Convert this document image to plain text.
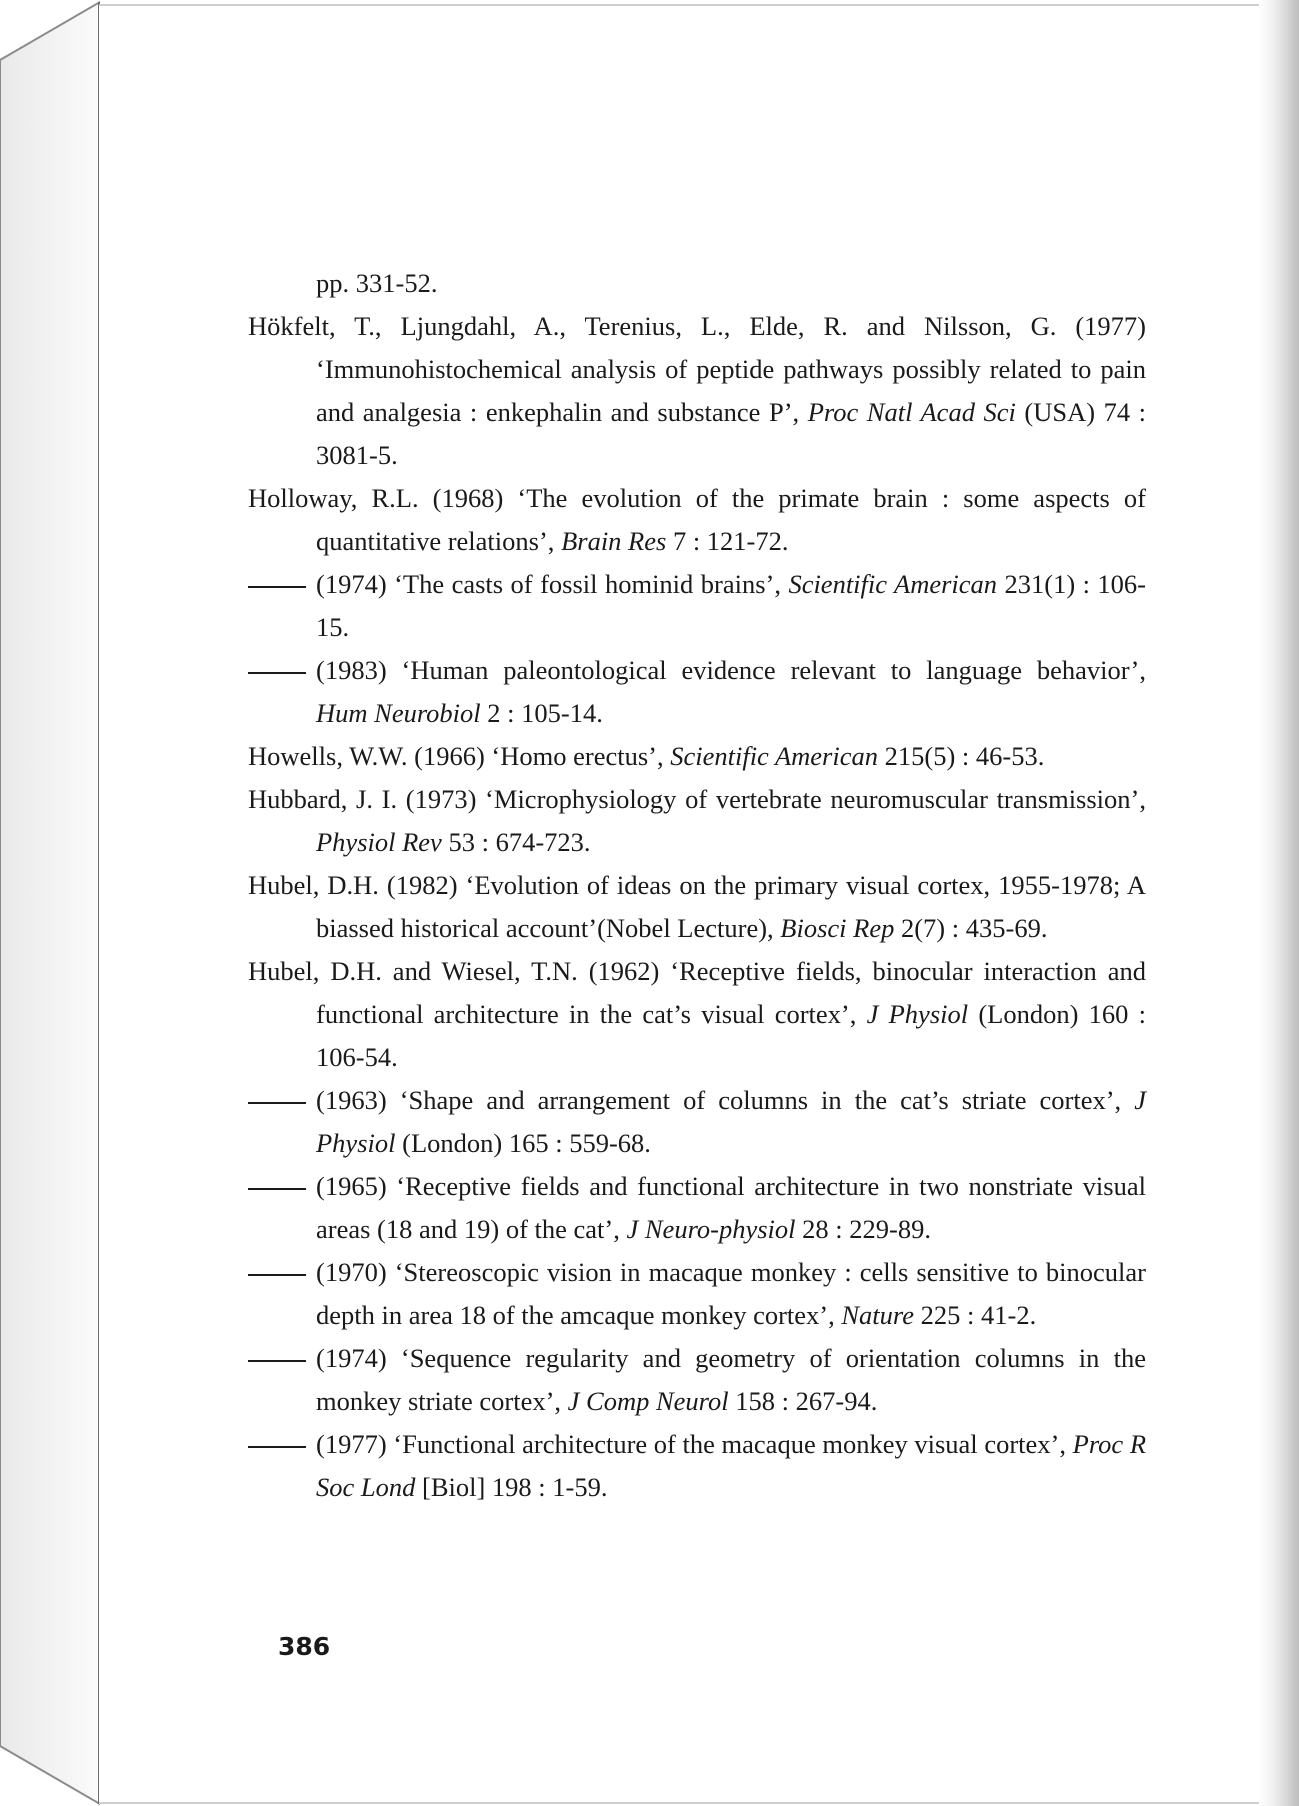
pp. 331-52.
Hökfelt, T., Ljungdahl, A., Terenius, L., Elde, R. and Nilsson, G. (1977) ‘Immunohistochemical analysis of peptide pathways possibly related to pain and analgesia : enkephalin and substance P’, Proc Natl Acad Sci (USA) 74 : 3081-5.
Holloway, R.L. (1968) ‘The evolution of the primate brain : some aspects of quantitative relations’, Brain Res 7 : 121-72.
(1974) ‘The casts of fossil hominid brains’, Scientific American 231(1) : 106-15.
(1983) ‘Human paleontological evidence relevant to language behavior’, Hum Neurobiol 2 : 105-14.
Howells, W.W. (1966) ‘Homo erectus’, Scientific American 215(5) : 46-53.
Hubbard, J. I. (1973) ‘Microphysiology of vertebrate neuromuscular transmission’, Physiol Rev 53 : 674-723.
Hubel, D.H. (1982) ‘Evolution of ideas on the primary visual cortex, 1955-1978; A biassed historical account’(Nobel Lecture), Biosci Rep 2(7) : 435-69.
Hubel, D.H. and Wiesel, T.N. (1962) ‘Receptive fields, binocular interaction and functional architecture in the cat’s visual cortex’, J Physiol (London) 160 : 106-54.
(1963) ‘Shape and arrangement of columns in the cat’s striate cortex’, J Physiol (London) 165 : 559-68.
(1965) ‘Receptive fields and functional architecture in two nonstriate visual areas (18 and 19) of the cat’, J Neuro-physiol 28 : 229-89.
(1970) ‘Stereoscopic vision in macaque monkey : cells sensitive to binocular depth in area 18 of the amcaque monkey cortex’, Nature 225 : 41-2.
(1974) ‘Sequence regularity and geometry of orientation columns in the monkey striate cortex’, J Comp Neurol 158 : 267-94.
(1977) ‘Functional architecture of the macaque monkey visual cortex’, Proc R Soc Lond [Biol] 198 : 1-59.
386
